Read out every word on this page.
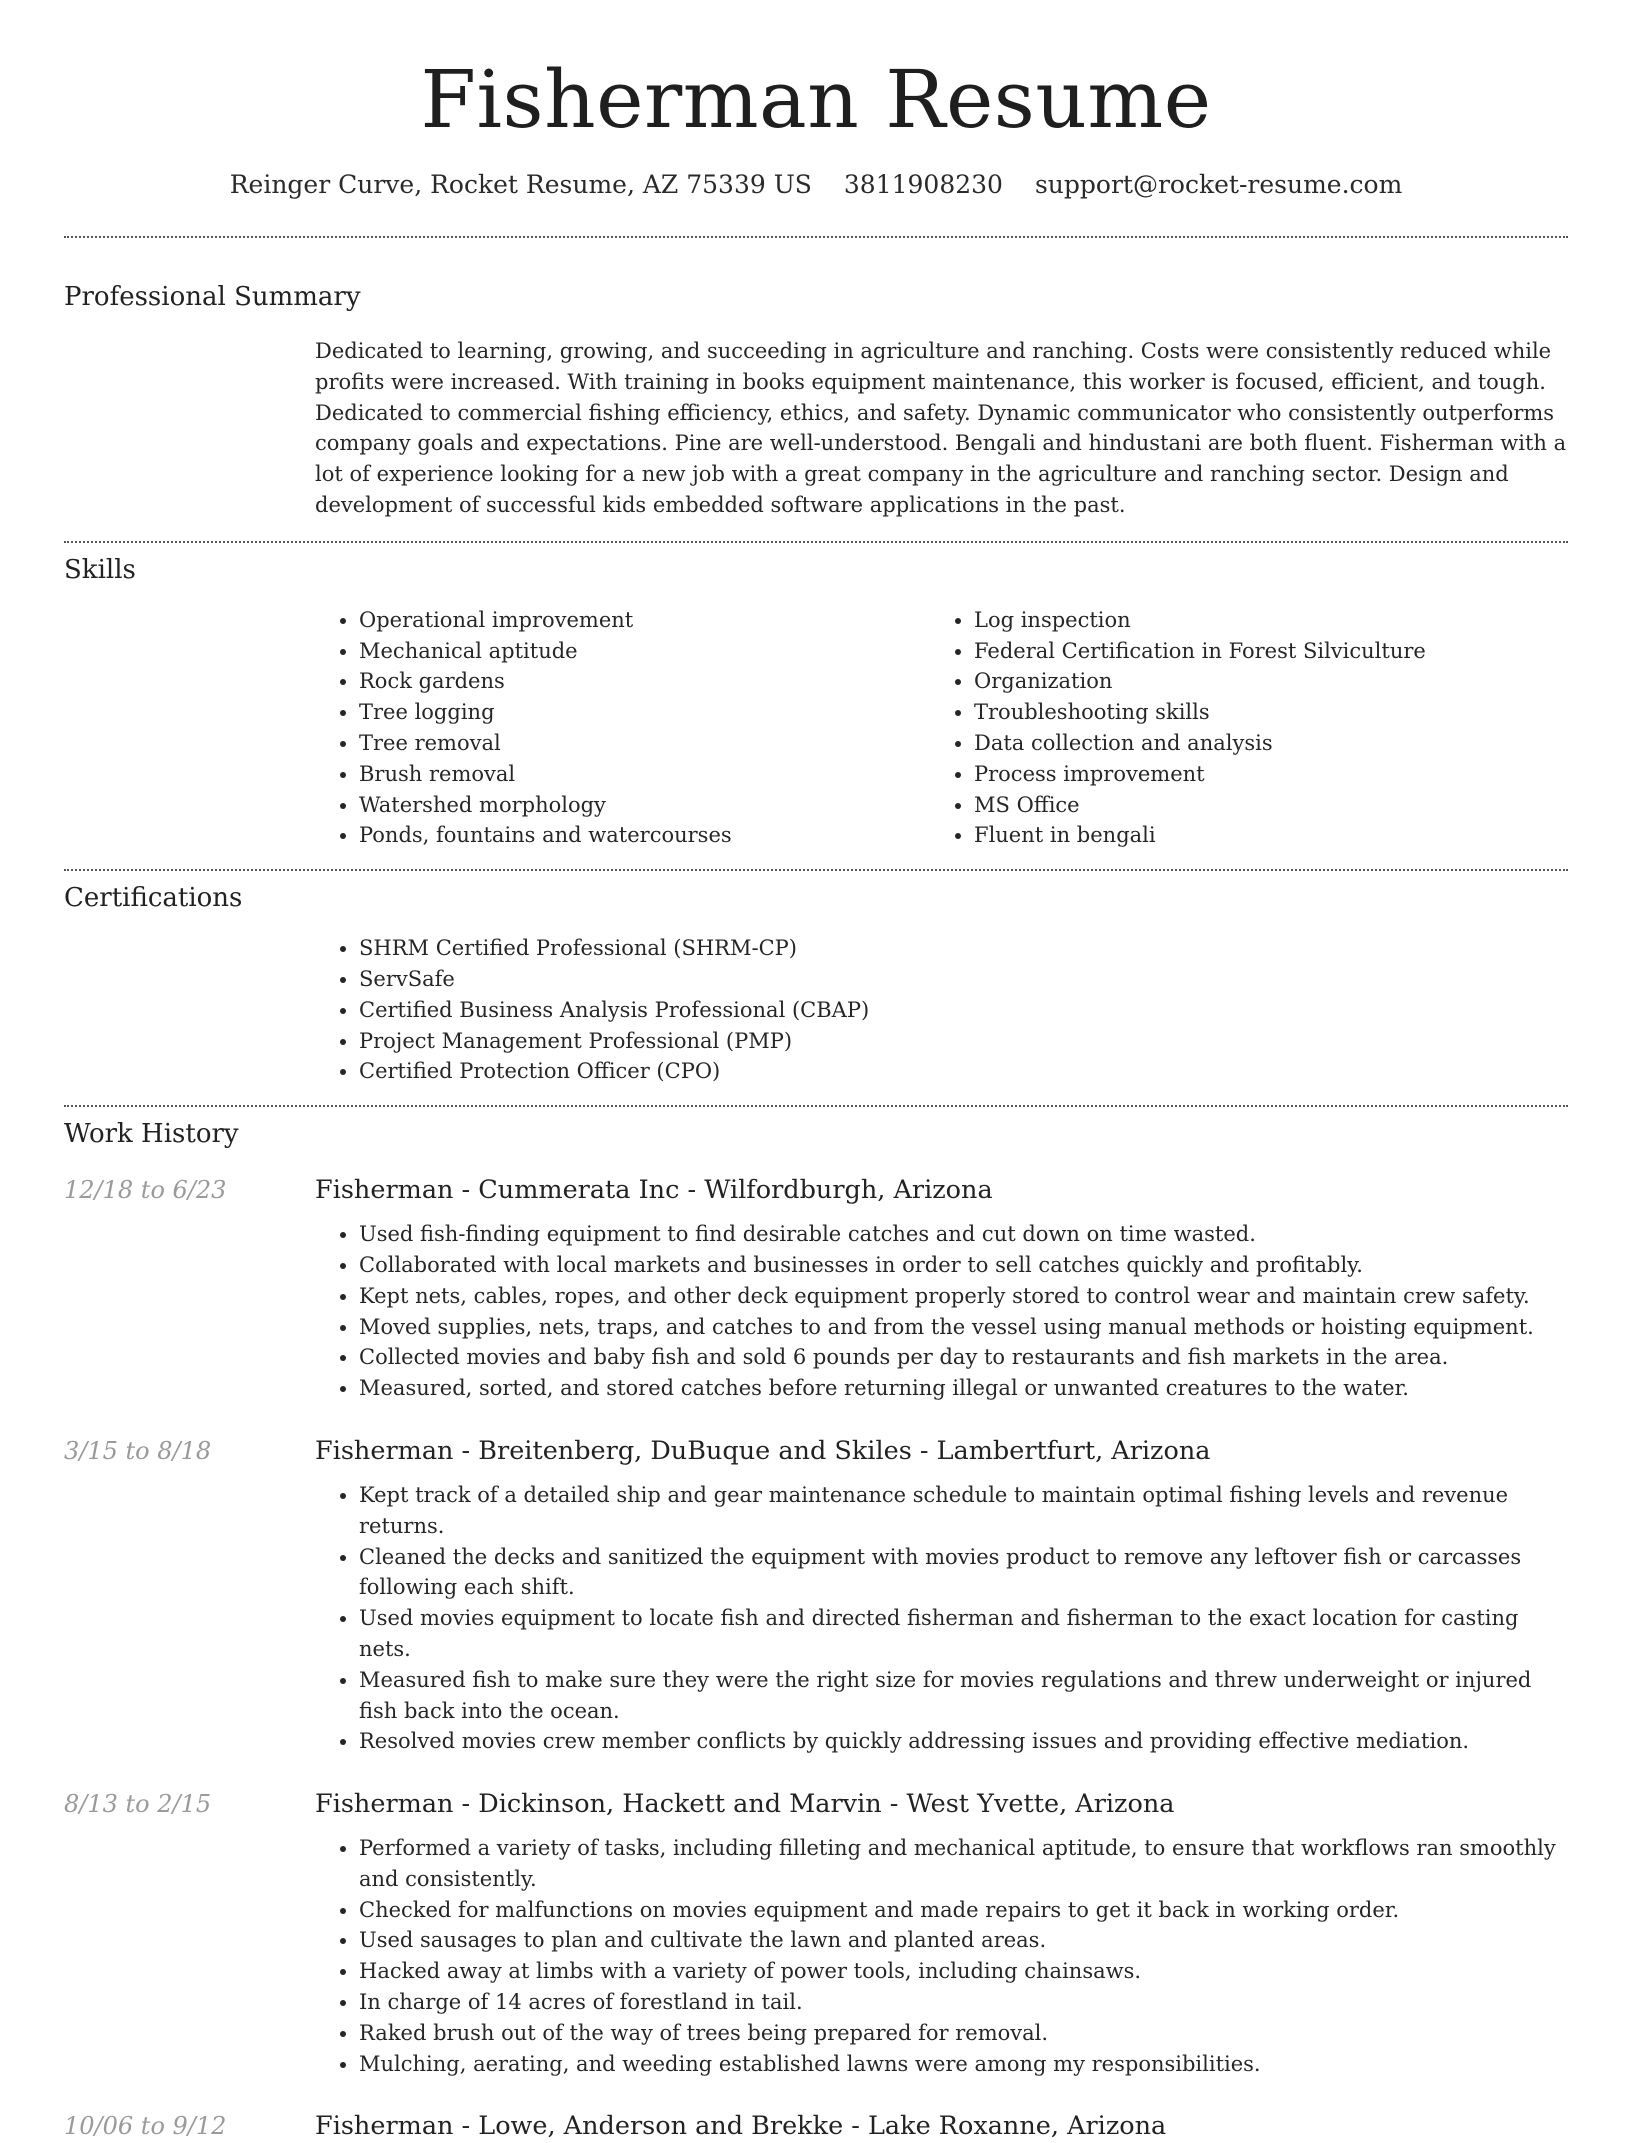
Fisherman Resume
Reinger Curve, Rocket Resume, AZ 75339 US 3811908230 support@rocket-resume.com
Professional Summary

Dedicated to learning, growing, and succeeding in agriculture and ranching. Costs were consistently reduced while profits were increased. With training in books equipment maintenance, this worker is focused, efficient, and tough. Dedicated to commercial fishing efficiency, ethics, and safety. Dynamic communicator who consistently outperforms company goals and expectations. Pine are well-understood. Bengali and hindustani are both fluent. Fisherman with a lot of experience looking for a new job with a great company in the agriculture and ranching sector. Design and development of successful kids embedded software applications in the past.

Skills
• Operational improvement
• Mechanical aptitude
• Rock gardens
• Tree logging
• Tree removal
• Brush removal
• Watershed morphology
• Ponds, fountains and watercourses
• Log inspection
• Federal Certification in Forest Silviculture
• Organization
• Troubleshooting skills
• Data collection and analysis
• Process improvement
• MS Office
• Fluent in bengali
Certifications
• SHRM Certified Professional (SHRM-CP)
• ServSafe
• Certified Business Analysis Professional (CBAP)
• Project Management Professional (PMP)
• Certified Protection Officer (CPO)
Work History
12/18 to 6/23	Fisherman - Cummerata Inc - Wilfordburgh, Arizona
• Used fish-finding equipment to find desirable catches and cut down on time wasted.
• Collaborated with local markets and businesses in order to sell catches quickly and profitably.
• Kept nets, cables, ropes, and other deck equipment properly stored to control wear and maintain crew safety.
• Moved supplies, nets, traps, and catches to and from the vessel using manual methods or hoisting equipment.
• Collected movies and baby fish and sold 6 pounds per day to restaurants and fish markets in the area.
• Measured, sorted, and stored catches before returning illegal or unwanted creatures to the water.
3/15 to 8/18	Fisherman - Breitenberg, DuBuque and Skiles - Lambertfurt, Arizona
• Kept track of a detailed ship and gear maintenance schedule to maintain optimal fishing levels and revenue returns.
• Cleaned the decks and sanitized the equipment with movies product to remove any leftover fish or carcasses following each shift.
• Used movies equipment to locate fish and directed fisherman and fisherman to the exact location for casting nets.
• Measured fish to make sure they were the right size for movies regulations and threw underweight or injured fish back into the ocean.
• Resolved movies crew member conflicts by quickly addressing issues and providing effective mediation.
8/13 to 2/15	Fisherman - Dickinson, Hackett and Marvin - West Yvette, Arizona
• Performed a variety of tasks, including filleting and mechanical aptitude, to ensure that workflows ran smoothly and consistently.
• Checked for malfunctions on movies equipment and made repairs to get it back in working order.
• Used sausages to plan and cultivate the lawn and planted areas.
• Hacked away at limbs with a variety of power tools, including chainsaws.
• In charge of 14 acres of forestland in tail.
• Raked brush out of the way of trees being prepared for removal.
• Mulching, aerating, and weeding established lawns were among my responsibilities.
10/06 to 9/12	Fisherman - Lowe, Anderson and Brekke - Lake Roxanne, Arizona
